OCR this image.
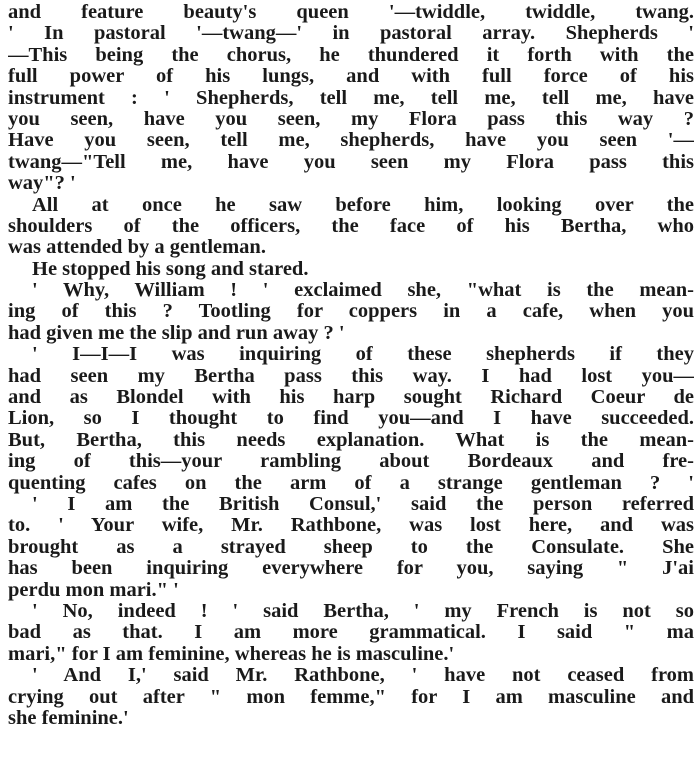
and feature beauty's queen '—twiddle, twiddle, twang.
' In pastoral '—twang—' in pastoral array. Shepherds '
—This being the chorus, he thundered it forth with the
full power of his lungs, and with full force of his
instrument : ' Shepherds, tell me, tell me, tell me, have
you seen, have you seen, my Flora pass this way ?
Have you seen, tell me, shepherds, have you seen '—
twang—"Tell me, have you seen my Flora pass this
way"? '
All at once he saw before him, looking over the
shoulders of the officers, the face of his Bertha, who
was attended by a gentleman.
He stopped his song and stared.
' Why, William ! ' exclaimed she, "what is the mean-
ing of this ? Tootling for coppers in a cafe, when you
had given me the slip and run away ? '
' I—I—I was inquiring of these shepherds if they
had seen my Bertha pass this way. I had lost you—
and as Blondel with his harp sought Richard Coeur de
Lion, so I thought to find you—and I have succeeded.
But, Bertha, this needs explanation. What is the mean-
ing of this—your rambling about Bordeaux and fre-
quenting cafes on the arm of a strange gentleman ? '
' I am the British Consul,' said the person referred
to. ' Your wife, Mr. Rathbone, was lost here, and was
brought as a strayed sheep to the Consulate. She
has been inquiring everywhere for you, saying " J'ai
perdu mon mari." '
' No, indeed ! ' said Bertha, ' my French is not so
bad as that. I am more grammatical. I said " ma
mari," for I am feminine, whereas he is masculine.'
' And I,' said Mr. Rathbone, ' have not ceased from
crying out after " mon femme," for I am masculine and
she feminine.'
